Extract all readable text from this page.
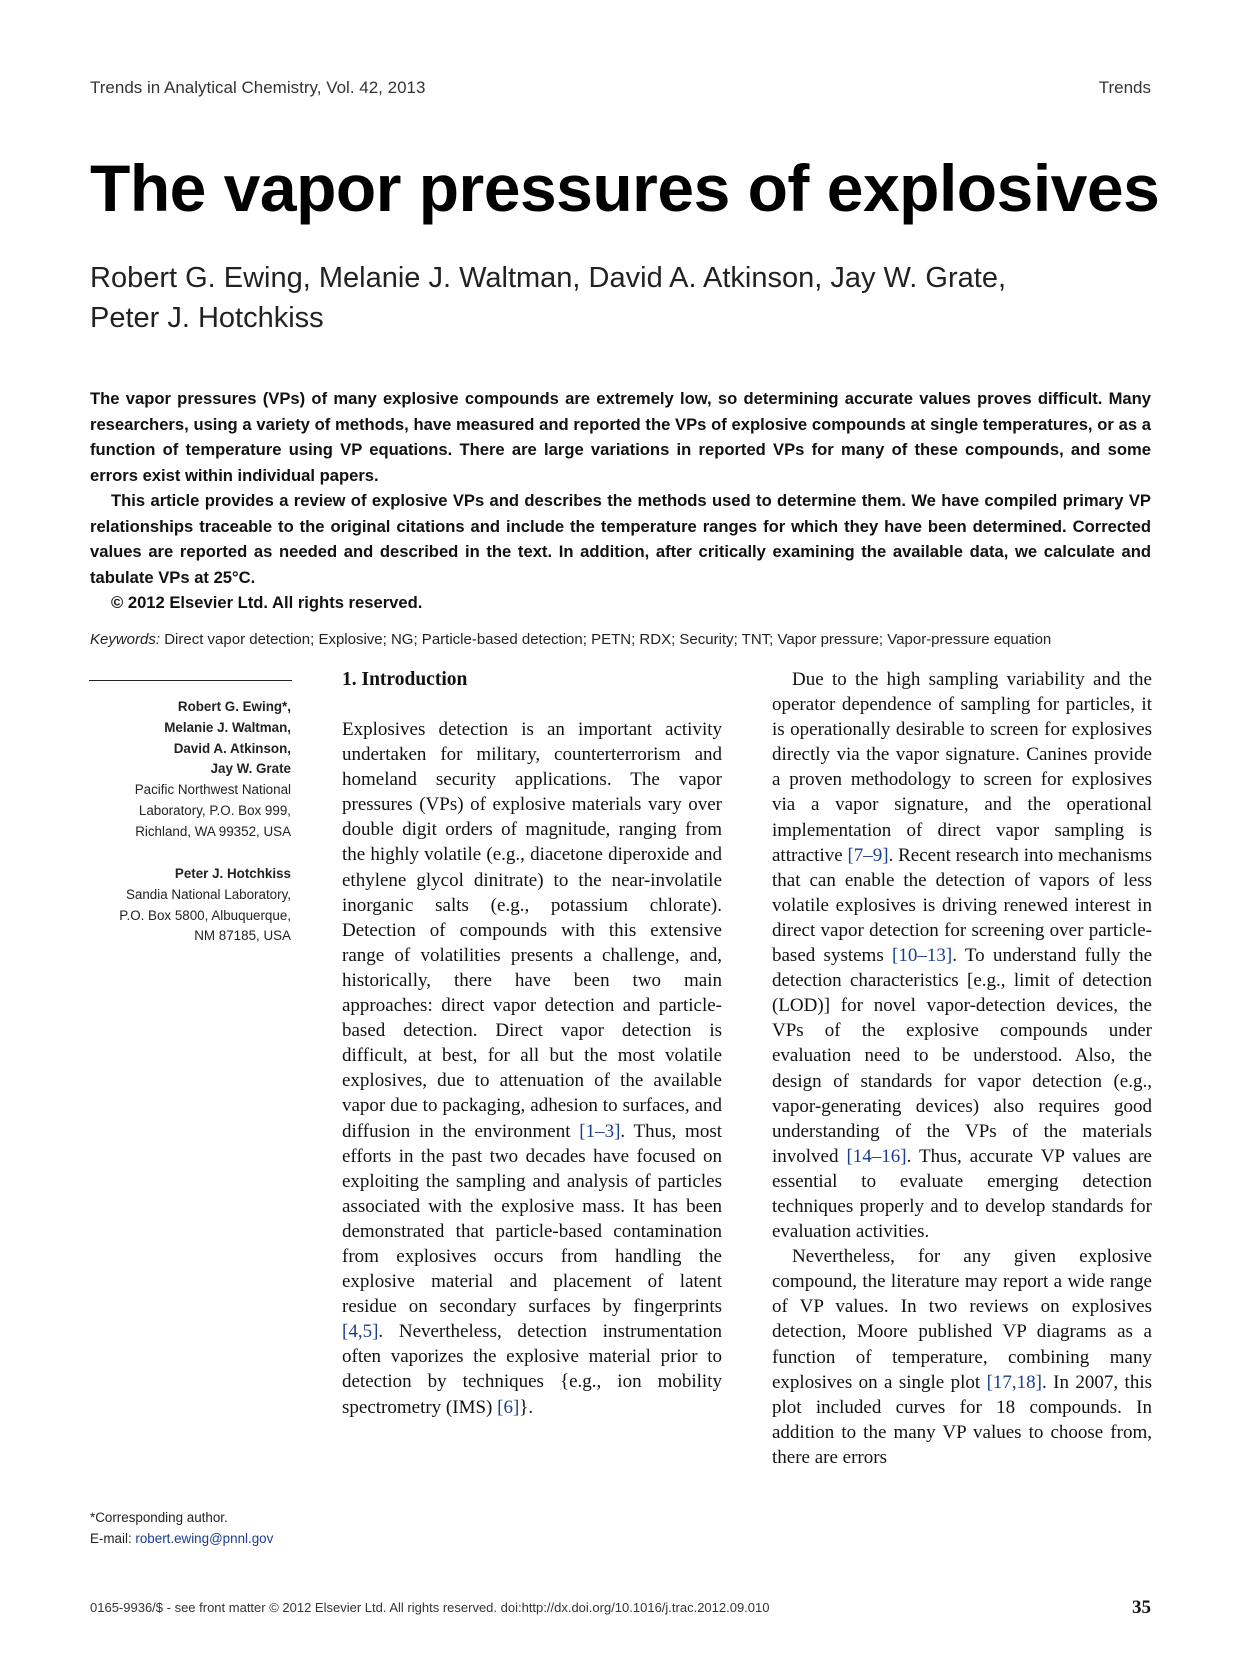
Trends in Analytical Chemistry, Vol. 42, 2013	Trends
The vapor pressures of explosives
Robert G. Ewing, Melanie J. Waltman, David A. Atkinson, Jay W. Grate,
Peter J. Hotchkiss

The vapor pressures (VPs) of many explosive compounds are extremely low, so determining accurate values proves difficult. Many researchers, using a variety of methods, have measured and reported the VPs of explosive compounds at single temperatures, or as a function of temperature using VP equations. There are large variations in reported VPs for many of these compounds, and some errors exist within individual papers.

This article provides a review of explosive VPs and describes the methods used to determine them. We have compiled primary VP relationships traceable to the original citations and include the temperature ranges for which they have been determined. Corrected values are reported as needed and described in the text. In addition, after critically examining the available data, we calculate and tabulate VPs at 25°C.

© 2012 Elsevier Ltd. All rights reserved.

Keywords: Direct vapor detection; Explosive; NG; Particle-based detection; PETN; RDX; Security; TNT; Vapor pressure; Vapor-pressure equation
Robert G. Ewing*,
Melanie J. Waltman,
David A. Atkinson,
Jay W. Grate
Pacific Northwest National
Laboratory, P.O. Box 999,
Richland, WA 99352, USA
Peter J. Hotchkiss
Sandia National Laboratory,
P.O. Box 5800, Albuquerque,
NM 87185, USA
*Corresponding author.
E-mail: robert.ewing@pnnl.gov

1. Introduction

Explosives detection is an important activity undertaken for military, counterterrorism and homeland security applications. The vapor pressures (VPs) of explosive materials vary over double digit orders of magnitude, ranging from the highly volatile (e.g., diacetone diperoxide and ethylene glycol dinitrate) to the near-involatile inorganic salts (e.g., potassium chlorate). Detection of compounds with this extensive range of volatilities presents a challenge, and, historically, there have been two main approaches: direct vapor detection and particle-based detection. Direct vapor detection is difficult, at best, for all but the most volatile explosives, due to attenuation of the available vapor due to packaging, adhesion to surfaces, and diffusion in the environment [1–3]. Thus, most efforts in the past two decades have focused on exploiting the sampling and analysis of particles associated with the explosive mass. It has been demonstrated that particle-based contamination from explosives occurs from handling the explosive material and placement of latent residue on secondary surfaces by fingerprints [4,5]. Nevertheless, detection instrumentation often vaporizes the explosive material prior to detection by techniques {e.g., ion mobility spectrometry (IMS) [6]}.

Due to the high sampling variability and the operator dependence of sampling for particles, it is operationally desirable to screen for explosives directly via the vapor signature. Canines provide a proven methodology to screen for explosives via a vapor signature, and the operational implementation of direct vapor sampling is attractive [7–9]. Recent research into mechanisms that can enable the detection of vapors of less volatile explosives is driving renewed interest in direct vapor detection for screening over particle-based systems [10–13]. To understand fully the detection characteristics [e.g., limit of detection (LOD)] for novel vapor-detection devices, the VPs of the explosive compounds under evaluation need to be understood. Also, the design of standards for vapor detection (e.g., vapor-generating devices) also requires good understanding of the VPs of the materials involved [14–16]. Thus, accurate VP values are essential to evaluate emerging detection techniques properly and to develop standards for evaluation activities.

Nevertheless, for any given explosive compound, the literature may report a wide range of VP values. In two reviews on explosives detection, Moore published VP diagrams as a function of temperature, combining many explosives on a single plot [17,18]. In 2007, this plot included curves for 18 compounds. In addition to the many VP values to choose from, there are errors

0165-9936/$ - see front matter © 2012 Elsevier Ltd. All rights reserved. doi:http://dx.doi.org/10.1016/j.trac.2012.09.010	35
